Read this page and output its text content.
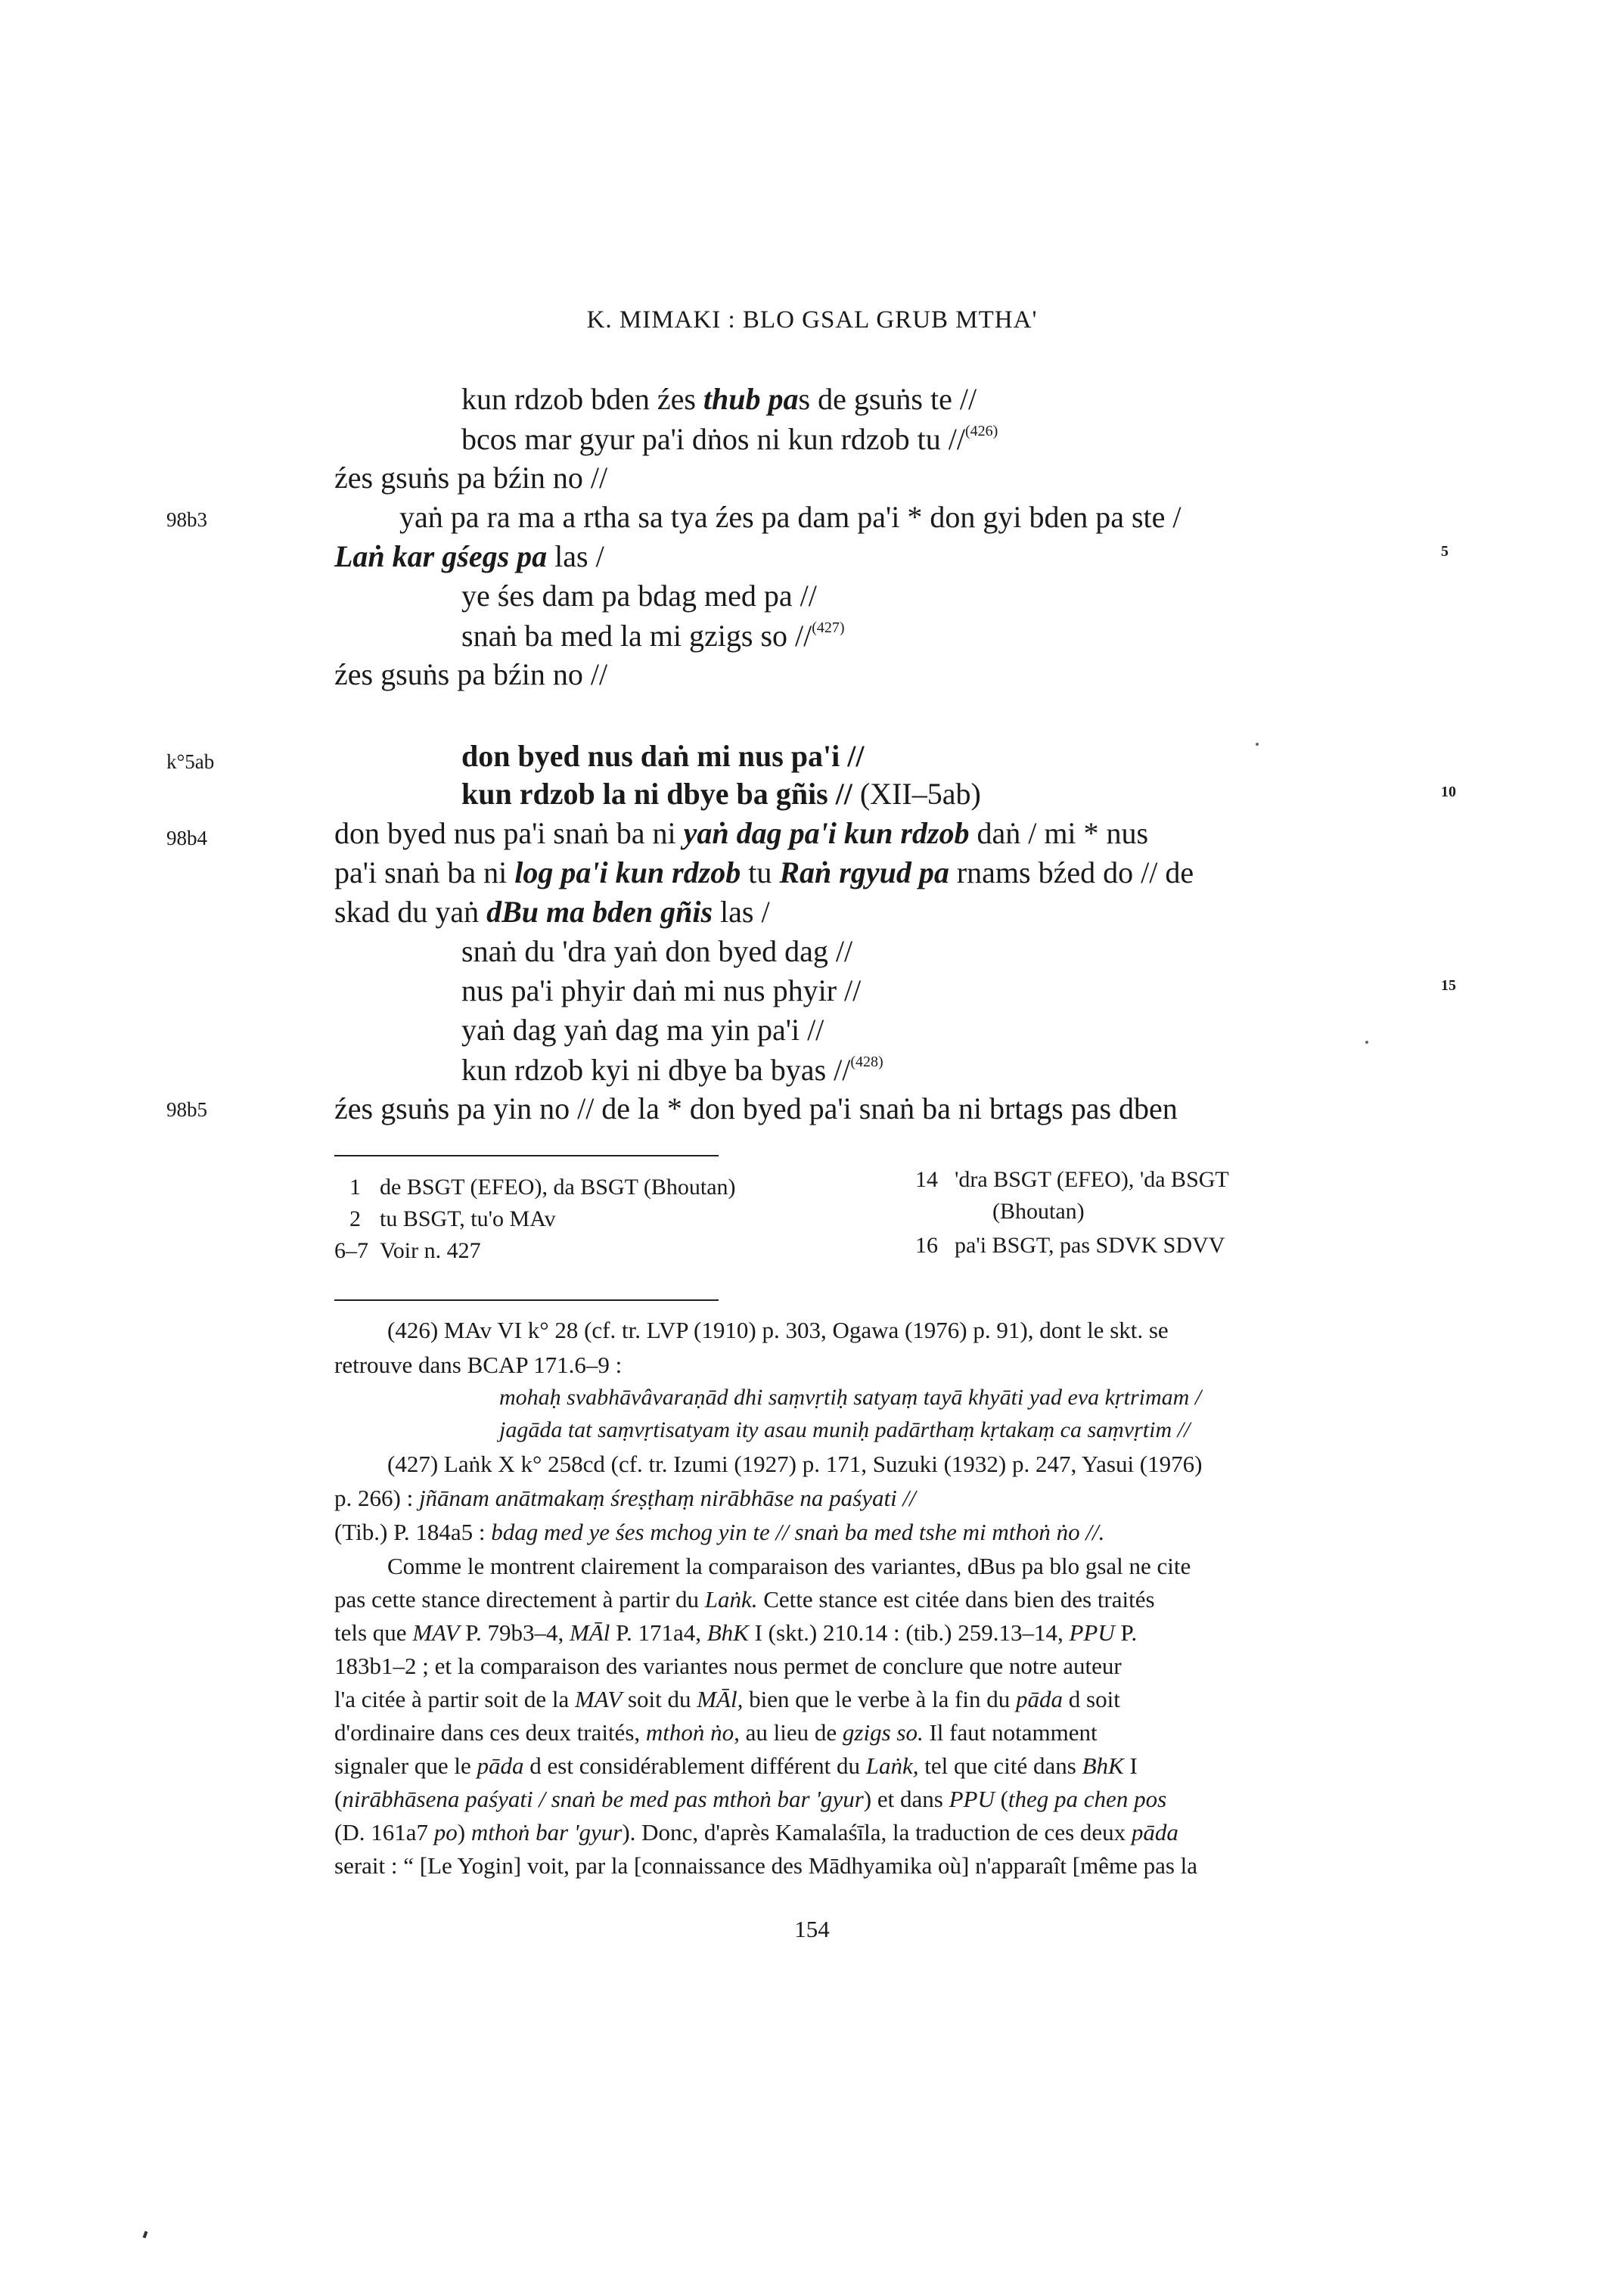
K. MIMAKI : BLO GSAL GRUB MTHA'
98b3
k°5ab
98b4
98b5
5
10
15
kun rdzob bden źes thub pas de gsuṅs te //
bcos mar gyur pa'i dṅos ni kun rdzob tu //$^{(426)}$
źes gsuṅs pa bźin no //
yaṅ pa ra ma a rtha sa tya źes pa dam pa'i * don gyi bden pa ste /
Laṅ kar gśegs pa las /
ye śes dam pa bdag med pa //
snaṅ ba med la mi gzigs so //$^{(427)}$
źes gsuṅs pa bźin no //
don byed nus daṅ mi nus pa'i //
kun rdzob la ni dbye ba gñis // (XII–5ab)
don byed nus pa'i snaṅ ba ni yaṅ dag pa'i kun rdzob daṅ / mi * nus
pa'i snaṅ ba ni log pa'i kun rdzob tu Raṅ rgyud pa rnams bźed do // de
skad du yaṅ dBu ma bden gñis las /
snaṅ du 'dra yaṅ don byed dag //
nus pa'i phyir daṅ mi nus phyir //
yaṅ dag yaṅ dag ma yin pa'i //
kun rdzob kyi ni dbye ba byas //$^{(428)}$
źes gsuṅs pa yin no // de la * don byed pa'i snaṅ ba ni brtags pas dben
1 de BSGT (EFEO), da BSGT (Bhoutan)
2 tu BSGT, tu'o MAv
6–7 Voir n. 427
14 'dra BSGT (EFEO), 'da BSGT
(Bhoutan)
16 pa'i BSGT, pas SDVK SDVV
(426) MAv VI k° 28 (cf. tr. LVP (1910) p. 303, Ogawa (1976) p. 91), dont le skt. se
retrouve dans BCAP 171.6–9 :
mohaḥ svabhāvâvaraṇād dhi saṃvṛtiḥ satyaṃ tayā khyāti yad eva kṛtrimam /
jagāda tat saṃvṛtisatyam ity asau muniḥ padārthaṃ kṛtakaṃ ca saṃvṛtim //
(427) Laṅk X k° 258cd (cf. tr. Izumi (1927) p. 171, Suzuki (1932) p. 247, Yasui (1976)
p. 266) : jñānam anātmakaṃ śreṣṭhaṃ nirābhāse na paśyati //
(Tib.) P. 184a5 : bdag med ye śes mchog yin te // snaṅ ba med tshe mi mthoṅ ṅo //.
Comme le montrent clairement la comparaison des variantes, dBus pa blo gsal ne cite
pas cette stance directement à partir du Laṅk. Cette stance est citée dans bien des traités
tels que MAV P. 79b3–4, MĀl P. 171a4, BhK I (skt.) 210.14 : (tib.) 259.13–14, PPU P.
183b1–2 ; et la comparaison des variantes nous permet de conclure que notre auteur
l'a citée à partir soit de la MAV soit du MĀl, bien que le verbe à la fin du pāda d soit
d'ordinaire dans ces deux traités, mthoṅ ṅo, au lieu de gzigs so. Il faut notamment
signaler que le pāda d est considérablement différent du Laṅk, tel que cité dans BhK I
(nirābhāsena paśyati / snaṅ be med pas mthoṅ bar 'gyur) et dans PPU (theg pa chen pos
(D. 161a7 po) mthoṅ bar 'gyur). Donc, d'après Kamalaśīla, la traduction de ces deux pāda
serait : “ [Le Yogin] voit, par la [connaissance des Mādhyamika où] n'apparaît [même pas la
154
